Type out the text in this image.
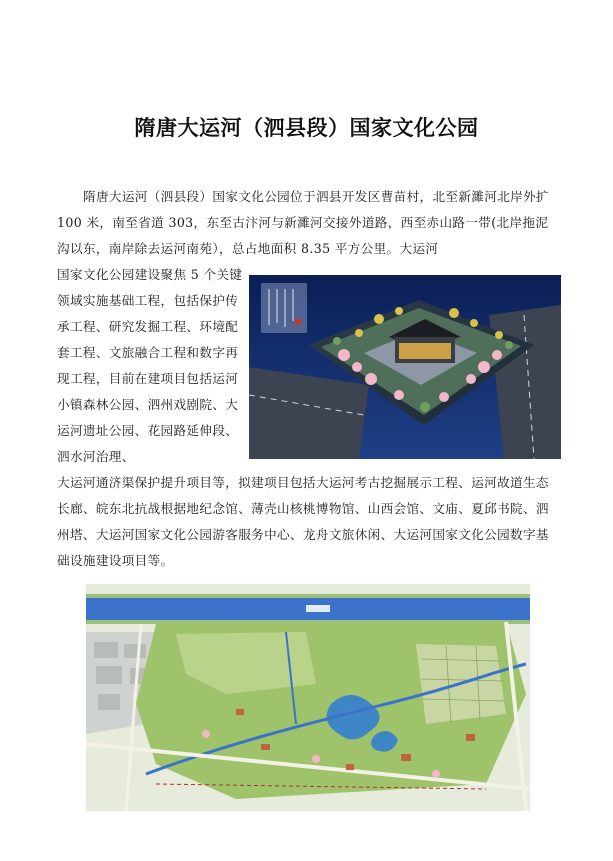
隋唐大运河（泗县段）国家文化公园

隋唐大运河（泗县段）国家文化公园位于泗县开发区曹苗村，北至新濉河北岸外扩 100 米，南至省道 303，东至古汴河与新濉河交接外道路，西至赤山路一带(北岸拖泥沟以东，南岸除去运河南苑），总占地面积 8.35 平方公里。大运河

国家文化公园建设聚焦 5 个关键领域实施基础工程，包括保护传承工程、研究发掘工程、环境配套工程、文旅融合工程和数字再现工程，目前在建项目包括运河小镇森林公园、泗州戏剧院、大运河遗址公园、花园路延伸段、泗水河治理、

大运河通济渠保护提升项目等，拟建项目包括大运河考古挖掘展示工程、运河故道生态长廊、皖东北抗战根据地纪念馆、薄壳山核桃博物馆、山西会馆、文庙、夏邱书院、泗州塔、大运河国家文化公园游客服务中心、龙舟文旅休闲、大运河国家文化公园数字基础设施建设项目等。
